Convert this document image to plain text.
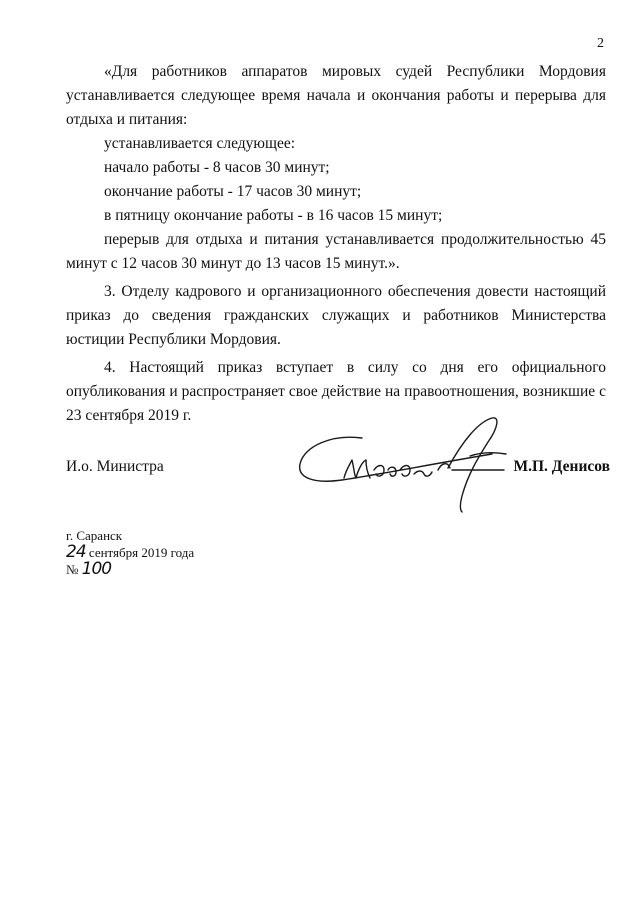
2

«Для работников аппаратов мировых судей Республики Мордовия устанавливается следующее время начала и окончания работы и перерыва для отдыха и питания:

устанавливается следующее:

начало работы - 8 часов 30 минут;

окончание работы - 17 часов 30 минут;

в пятницу окончание работы - в 16 часов 15 минут;

перерыв для отдыха и питания устанавливается продолжительностью 45 минут с 12 часов 30 минут до 13 часов 15 минут.».

3. Отделу кадрового и организационного обеспечения довести настоящий приказ до сведения гражданских служащих и работников Министерства юстиции Республики Мордовия.

4. Настоящий приказ вступает в силу со дня его официального опубликования и распространяет свое действие на правоотношения, возникшие с 23 сентября 2019 г.

И.о. Министра	М.П. Денисов
г. Саранск
24 сентября 2019 года
№ 100
